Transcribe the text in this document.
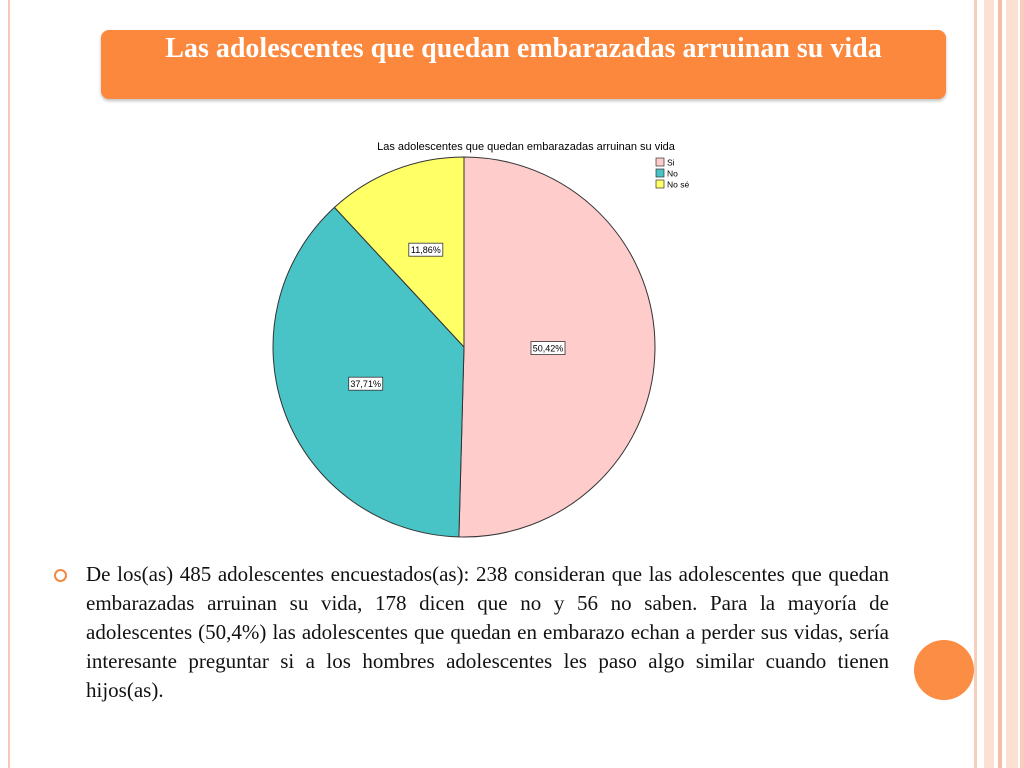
Las adolescentes que quedan embarazadas arruinan su vida
Las adolescentes que quedan embarazadas arruinan su vida
50,42%
37,71%
11,86%
Si
No
No sé
De los(as) 485 adolescentes encuestados(as): 238 consideran que las adolescentes que quedan embarazadas arruinan su vida, 178 dicen que no y 56 no saben. Para la mayoría de adolescentes (50,4%) las adolescentes que quedan en embarazo echan a perder sus vidas, sería interesante preguntar si a los hombres adolescentes les paso algo similar cuando tienen hijos(as).
